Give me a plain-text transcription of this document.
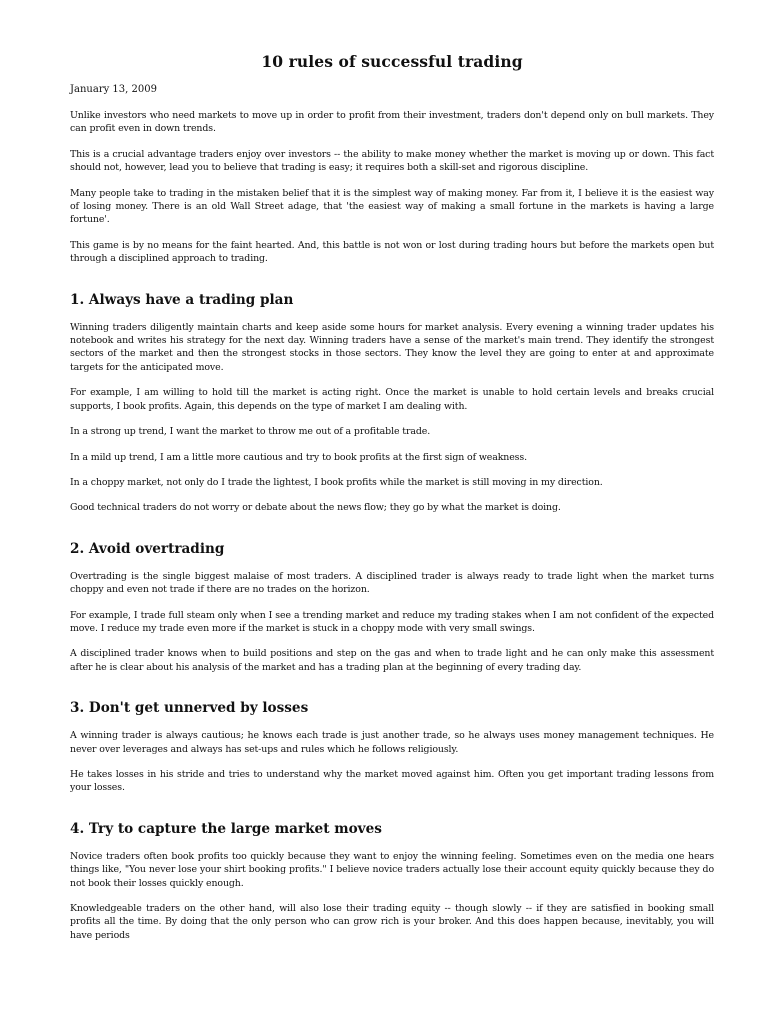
10 rules of successful trading
January 13, 2009

Unlike investors who need markets to move up in order to profit from their investment, traders don't depend only on bull markets. They can profit even in down trends.

This is a crucial advantage traders enjoy over investors -- the ability to make money whether the market is moving up or down. This fact should not, however, lead you to believe that trading is easy; it requires both a skill-set and rigorous discipline.

Many people take to trading in the mistaken belief that it is the simplest way of making money. Far from it, I believe it is the easiest way of losing money. There is an old Wall Street adage, that 'the easiest way of making a small fortune in the markets is having a large fortune'.

This game is by no means for the faint hearted. And, this battle is not won or lost during trading hours but before the markets open but through a disciplined approach to trading.

1. Always have a trading plan

Winning traders diligently maintain charts and keep aside some hours for market analysis. Every evening a winning trader updates his notebook and writes his strategy for the next day. Winning traders have a sense of the market's main trend. They identify the strongest sectors of the market and then the strongest stocks in those sectors. They know the level they are going to enter at and approximate targets for the anticipated move.

For example, I am willing to hold till the market is acting right. Once the market is unable to hold certain levels and breaks crucial supports, I book profits. Again, this depends on the type of market I am dealing with.

In a strong up trend, I want the market to throw me out of a profitable trade.

In a mild up trend, I am a little more cautious and try to book profits at the first sign of weakness.

In a choppy market, not only do I trade the lightest, I book profits while the market is still moving in my direction.

Good technical traders do not worry or debate about the news flow; they go by what the market is doing.

2. Avoid overtrading

Overtrading is the single biggest malaise of most traders. A disciplined trader is always ready to trade light when the market turns choppy and even not trade if there are no trades on the horizon.

For example, I trade full steam only when I see a trending market and reduce my trading stakes when I am not confident of the expected move. I reduce my trade even more if the market is stuck in a choppy mode with very small swings.

A disciplined trader knows when to build positions and step on the gas and when to trade light and he can only make this assessment after he is clear about his analysis of the market and has a trading plan at the beginning of every trading day.

3. Don't get unnerved by losses

A winning trader is always cautious; he knows each trade is just another trade, so he always uses money management techniques. He never over leverages and always has set-ups and rules which he follows religiously.

He takes losses in his stride and tries to understand why the market moved against him. Often you get important trading lessons from your losses.

4. Try to capture the large market moves

Novice traders often book profits too quickly because they want to enjoy the winning feeling. Sometimes even on the media one hears things like, "You never lose your shirt booking profits." I believe novice traders actually lose their account equity quickly because they do not book their losses quickly enough.

Knowledgeable traders on the other hand, will also lose their trading equity -- though slowly -- if they are satisfied in booking small profits all the time. By doing that the only person who can grow rich is your broker. And this does happen because, inevitably, you will have periods
